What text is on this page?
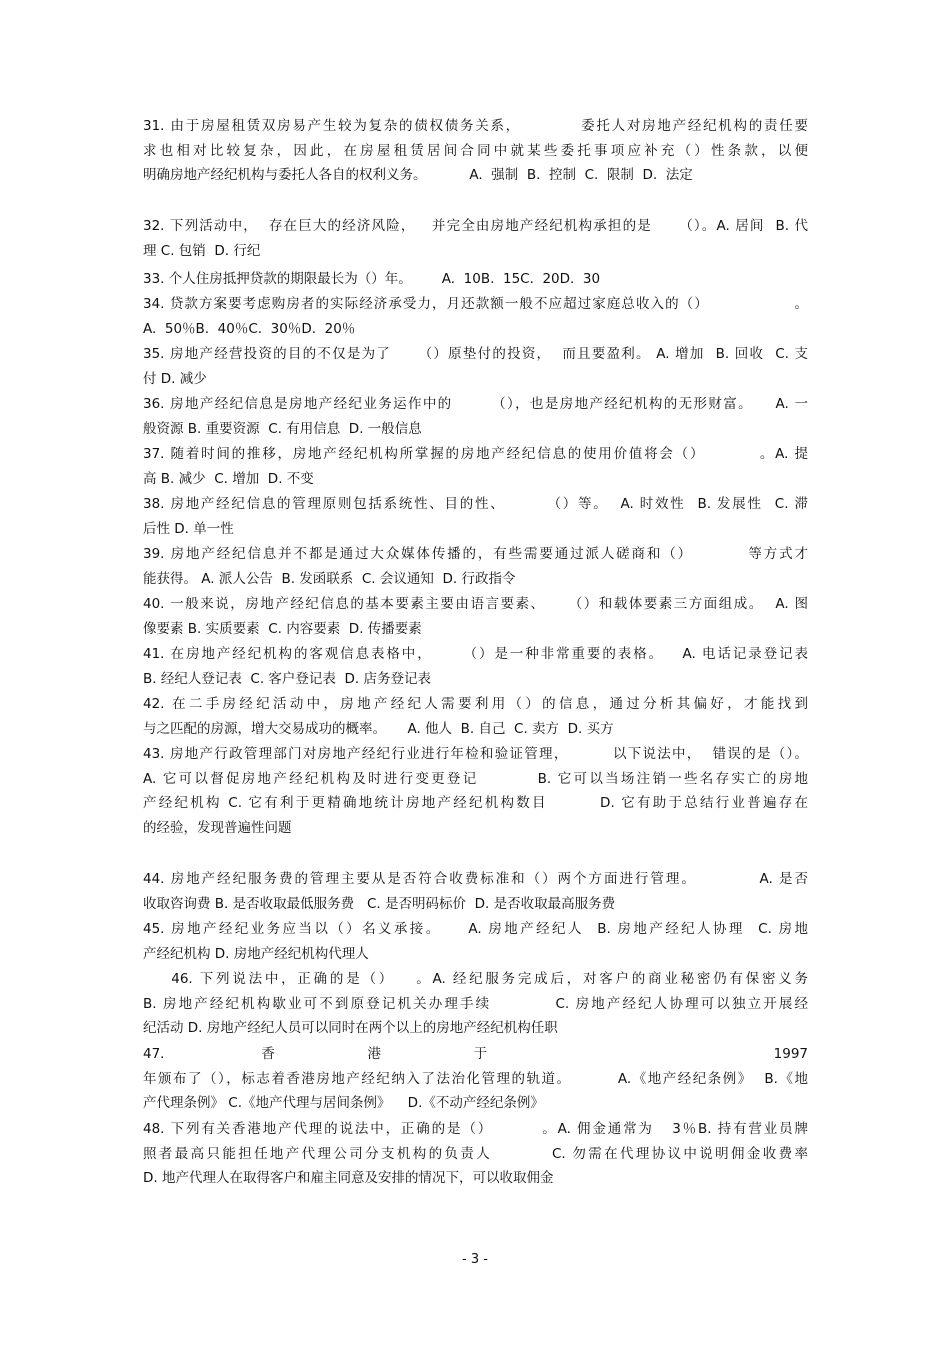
31. 由于房屋租赁双房易产生较为复杂的债权债务关系，          委托人对房地产经纪机构的责任要
求也相对比较复杂，因此，在房屋租赁居间合同中就某些委托事项应补充（）性条款，以便
明确房地产经纪机构与委托人各自的权利义务。          A.  强制  B.  控制  C.  限制  D.  法定
32. 下列活动中，  存在巨大的经济风险，   并完全由房地产经纪机构承担的是     （）。A. 居间  B. 代
理 C. 包销  D. 行纪
33. 个人住房抵押贷款的期限最长为（）年。       A.  10B.  15C.  20D.  30
34. 贷款方案要考虑购房者的实际经济承受力，月还款额一般不应超过家庭总收入的（）                。
A.  50％B.  40％C.  30％D.  20％
35. 房地产经营投资的目的不仅是为了     （）原垫付的投资，  而且要盈利。 A. 增加  B. 回收  C. 支
付 D. 减少
36. 房地产经纪信息是房地产经纪业务运作中的       （），也是房地产经纪机构的无形财富。    A. 一
般资源 B. 重要资源  C. 有用信息  D. 一般信息
37. 随着时间的推移，房地产经纪机构所掌握的房地产经纪信息的使用价值将会（）         。A. 提
高 B. 减少  C. 增加  D. 不变
38. 房地产经纪信息的管理原则包括系统性、目的性、       （）等。  A. 时效性  B. 发展性  C. 滞
后性 D. 单一性
39. 房地产经纪信息并不都是通过大众媒体传播的，有些需要通过派人磋商和（）         等方式才
能获得。 A. 派人公告  B. 发函联系  C. 会议通知  D. 行政指令
40. 一般来说，房地产经纪信息的基本要素主要由语言要素、    （）和载体要素三方面组成。  A. 图
像要素 B. 实质要素  C. 内容要素  D. 传播要素
41. 在房地产经纪机构的客观信息表格中，     （）是一种非常重要的表格。   A. 电话记录登记表
B. 经纪人登记表  C. 客户登记表  D. 店务登记表
42. 在二手房经纪活动中，房地产经纪人需要利用（）的信息，通过分析其偏好，才能找到
与之匹配的房源，增大交易成功的概率。     A. 他人  B. 自己  C. 卖方  D. 买方
43. 房地产行政管理部门对房地产经纪行业进行年检和验证管理，        以下说法中，  错误的是（）。
A. 它可以督促房地产经纪机构及时进行变更登记         B. 它可以当场注销一些名存实亡的房地
产经纪机构 C. 它有利于更精确地统计房地产经纪机构数目        D. 它有助于总结行业普遍存在
的经验，发现普遍性问题
44. 房地产经纪服务费的管理主要从是否符合收费标准和（）两个方面进行管理。          A. 是否
收取咨询费 B. 是否收取最低服务费   C. 是否明码标价  D. 是否收取最高服务费
45. 房地产经纪业务应当以（）名义承接。    A. 房地产经纪人  B. 房地产经纪人协理  C. 房地
产经纪机构 D. 房地产经纪机构代理人
46. 下列说法中，正确的是（）   。A. 经纪服务完成后，对客户的商业秘密仍有保密义务
B. 房地产经纪机构歇业可不到原登记机关办理手续          C. 房地产经纪人协理可以独立开展经
纪活动 D. 房地产经纪人员可以同时在两个以上的房地产经纪机构任职
47. 香港于  1997
年颁布了（），标志着香港房地产经纪纳入了法治化管理的轨道。        A.《地产经纪条例》  B.《地
产代理条例》 C.《地产代理与居间条例》    D.《不动产经纪条例》
48. 下列有关香港地产代理的说法中，正确的是（）        。A. 佣金通常为   3％B. 持有营业员牌
照者最高只能担任地产代理公司分支机构的负责人         C. 勿需在代理协议中说明佣金收费率
D. 地产代理人在取得客户和雇主同意及安排的情况下，可以收取佣金
- 3 -
